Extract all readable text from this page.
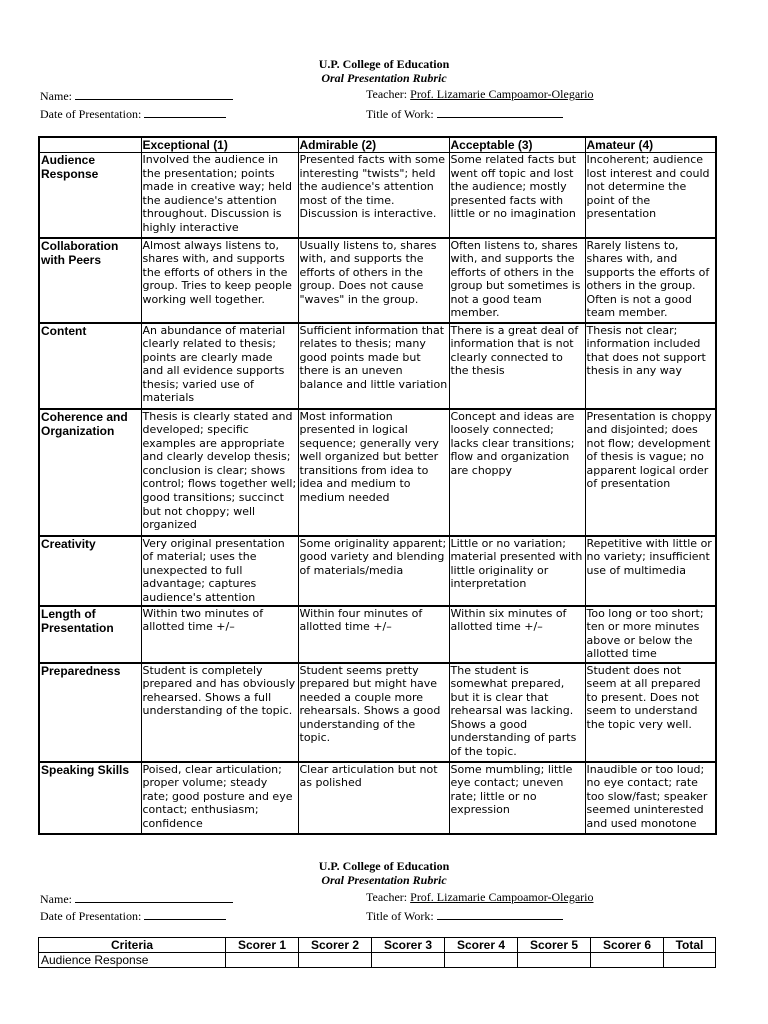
U.P. College of Education
Oral Presentation Rubric
Name:
Date of Presentation:
Teacher: Prof. Lizamarie Campoamor-Olegario
Title of Work:
	Exceptional (1)	Admirable (2)	Acceptable (3)	Amateur (4)
Audience Response	Involved the audience in the presentation; points made in creative way; held the audience's attention throughout. Discussion is highly interactive	Presented facts with some interesting "twists"; held the audience's attention most of the time. Discussion is interactive.	Some related facts but went off topic and lost the audience; mostly presented facts with little or no imagination	Incoherent; audience lost interest and could not determine the point of the presentation
Collaboration with Peers	Almost always listens to, shares with, and supports the efforts of others in the group. Tries to keep people working well together.	Usually listens to, shares with, and supports the efforts of others in the group. Does not cause "waves" in the group.	Often listens to, shares with, and supports the efforts of others in the group but sometimes is not a good team member.	Rarely listens to, shares with, and supports the efforts of others in the group. Often is not a good team member.
Content	An abundance of material clearly related to thesis; points are clearly made and all evidence supports thesis; varied use of materials	Sufficient information that relates to thesis; many good points made but there is an uneven balance and little variation	There is a great deal of information that is not clearly connected to the thesis	Thesis not clear; information included that does not support thesis in any way
Coherence and Organization	Thesis is clearly stated and developed; specific examples are appropriate and clearly develop thesis; conclusion is clear; shows control; flows together well; good transitions; succinct but not choppy; well organized	Most information presented in logical sequence; generally very well organized but better transitions from idea to idea and medium to medium needed	Concept and ideas are loosely connected; lacks clear transitions; flow and organization are choppy	Presentation is choppy and disjointed; does not flow; development of thesis is vague; no apparent logical order of presentation
Creativity	Very original presentation of material; uses the unexpected to full advantage; captures audience's attention	Some originality apparent; good variety and blending of materials/media	Little or no variation; material presented with little originality or interpretation	Repetitive with little or no variety; insufficient use of multimedia
Length of Presentation	Within two minutes of allotted time +/–	Within four minutes of allotted time +/–	Within six minutes of allotted time +/–	Too long or too short; ten or more minutes above or below the allotted time
Preparedness	Student is completely prepared and has obviously rehearsed. Shows a full understanding of the topic.	Student seems pretty prepared but might have needed a couple more rehearsals. Shows a good understanding of the topic.	The student is somewhat prepared, but it is clear that rehearsal was lacking. Shows a good understanding of parts of the topic.	Student does not seem at all prepared to present. Does not seem to understand the topic very well.
Speaking Skills	Poised, clear articulation; proper volume; steady rate; good posture and eye contact; enthusiasm; confidence	Clear articulation but not as polished	Some mumbling; little eye contact; uneven rate; little or no expression	Inaudible or too loud; no eye contact; rate too slow/fast; speaker seemed uninterested and used monotone
U.P. College of Education
Oral Presentation Rubric
Name:
Date of Presentation:
Teacher: Prof. Lizamarie Campoamor-Olegario
Title of Work:
Criteria	Scorer 1	Scorer 2	Scorer 3	Scorer 4	Scorer 5	Scorer 6	Total
Audience Response							
